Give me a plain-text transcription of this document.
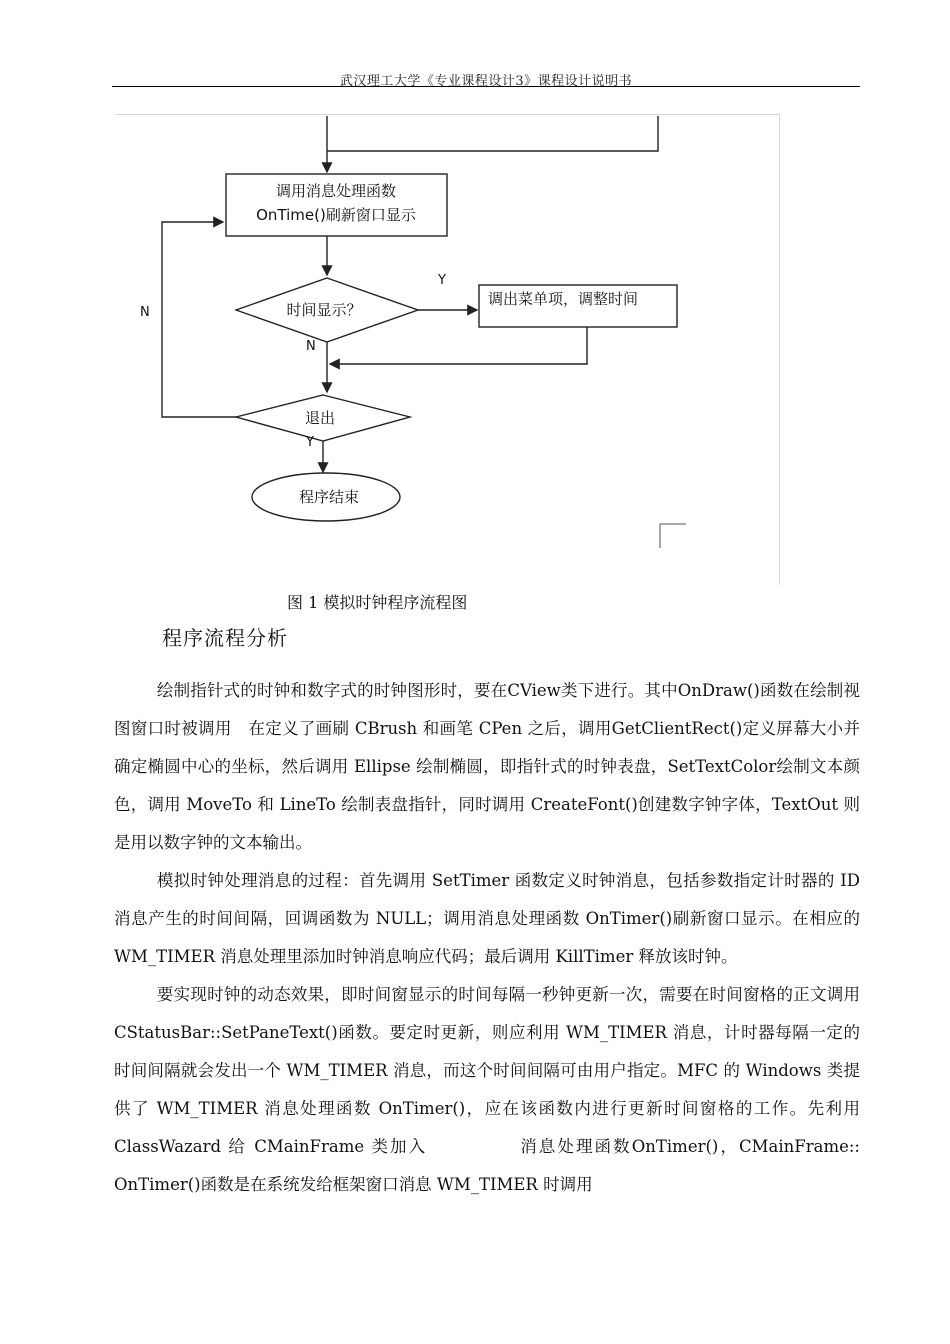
武汉理工大学《专业课程设计3》课程设计说明书
调用消息处理函数
OnTime()刷新窗口显示
时间显示？
Y
N
调出菜单项，调整时间
退出
Y
N
程序结束
图 1 模拟时钟程序流程图
程序流程分析

绘制指针式的时钟和数字式的时钟图形时，要在CView类下进行。其中OnDraw()函数在绘制视图窗口时被调用　在定义了画刷 CBrush 和画笔 CPen 之后，调用GetClientRect()定义屏幕大小并确定椭圆中心的坐标，然后调用 Ellipse 绘制椭圆，即指针式的时钟表盘，SetTextColor绘制文本颜色，调用 MoveTo 和 LineTo 绘制表盘指针，同时调用 CreateFont()创建数字钟字体，TextOut 则是用以数字钟的文本输出。

模拟时钟处理消息的过程：首先调用 SetTimer 函数定义时钟消息，包括参数指定计时器的 ID 消息产生的时间间隔，回调函数为 NULL；调用消息处理函数 OnTimer()刷新窗口显示。在相应的 WM_TIMER 消息处理里添加时钟消息响应代码；最后调用 KillTimer 释放该时钟。

要实现时钟的动态效果，即时间窗显示的时间每隔一秒钟更新一次，需要在时间窗格的正文调用 CStatusBar::SetPaneText()函数。要定时更新，则应利用 WM_TIMER 消息，计时器每隔一定的时间间隔就会发出一个 WM_TIMER 消息，而这个时间间隔可由用户指定。MFC 的 Windows 类提供了 WM_TIMER 消息处理函数 OnTimer()，应在该函数内进行更新时间窗格的工作。先利用 ClassWazard 给 CMainFrame 类加入　　　　　消息处理函数OnTimer()，CMainFrame:: OnTimer()函数是在系统发给框架窗口消息 WM_TIMER 时调用
